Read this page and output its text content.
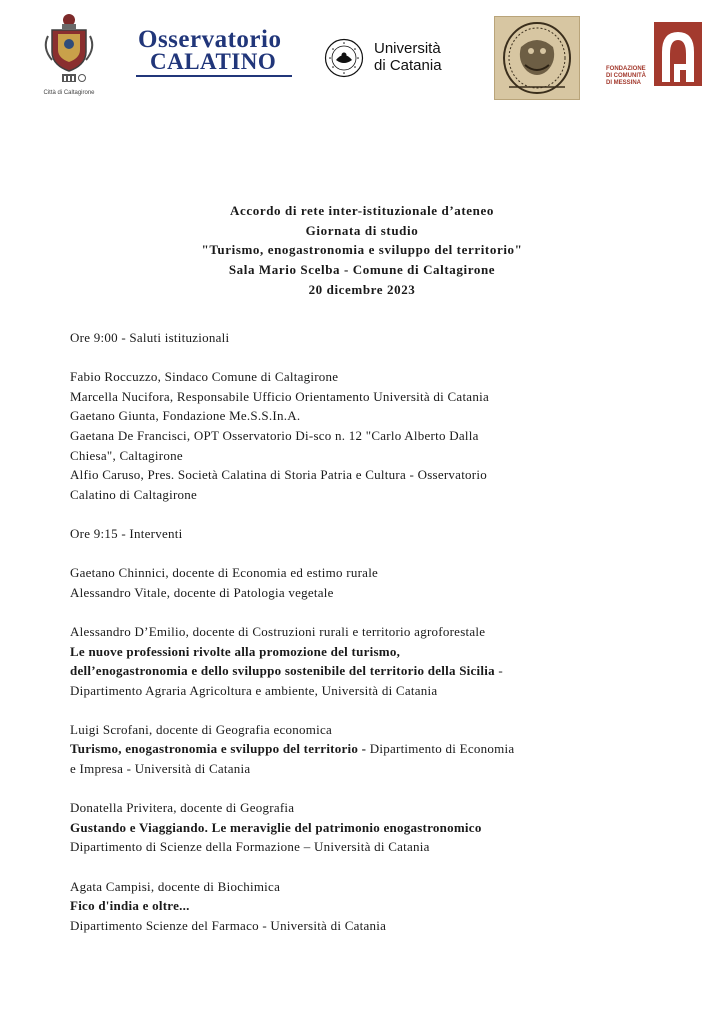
Città di Caltagirone
Osservatorio
CALATINO
Università
di Catania	FONDAZIONE
DI COMUNITÀ
DI MESSINA
Accordo di rete inter-istituzionale d’ateneo
Giornata di studio
"Turismo, enogastronomia e sviluppo del territorio"
Sala Mario Scelba - Comune di Caltagirone
20 dicembre 2023

Ore 9:00 - Saluti istituzionali

Fabio Roccuzzo, Sindaco Comune di Caltagirone
Marcella Nucifora, Responsabile Ufficio Orientamento Università di Catania
Gaetano Giunta, Fondazione Me.S.S.In.A.
Gaetana De Francisci, OPT Osservatorio Di-sco n. 12 "Carlo Alberto Dalla
Chiesa", Caltagirone
Alfio Caruso, Pres. Società Calatina di Storia Patria e Cultura - Osservatorio
Calatino di Caltagirone

Ore 9:15 - Interventi

Gaetano Chinnici, docente di Economia ed estimo rurale
Alessandro Vitale, docente di Patologia vegetale

Alessandro D’Emilio, docente di Costruzioni rurali e territorio agroforestale
Le nuove professioni rivolte alla promozione del turismo,
dell’enogastronomia e dello sviluppo sostenibile del territorio della Sicilia -
Dipartimento Agraria Agricoltura e ambiente, Università di Catania

Luigi Scrofani, docente di Geografia economica
Turismo, enogastronomia e sviluppo del territorio - Dipartimento di Economia
e Impresa - Università di Catania

Donatella Privitera, docente di Geografia
Gustando e Viaggiando. Le meraviglie del patrimonio enogastronomico
Dipartimento di Scienze della Formazione – Università di Catania

Agata Campisi, docente di Biochimica
Fico d'india e oltre...
Dipartimento Scienze del Farmaco - Università di Catania
